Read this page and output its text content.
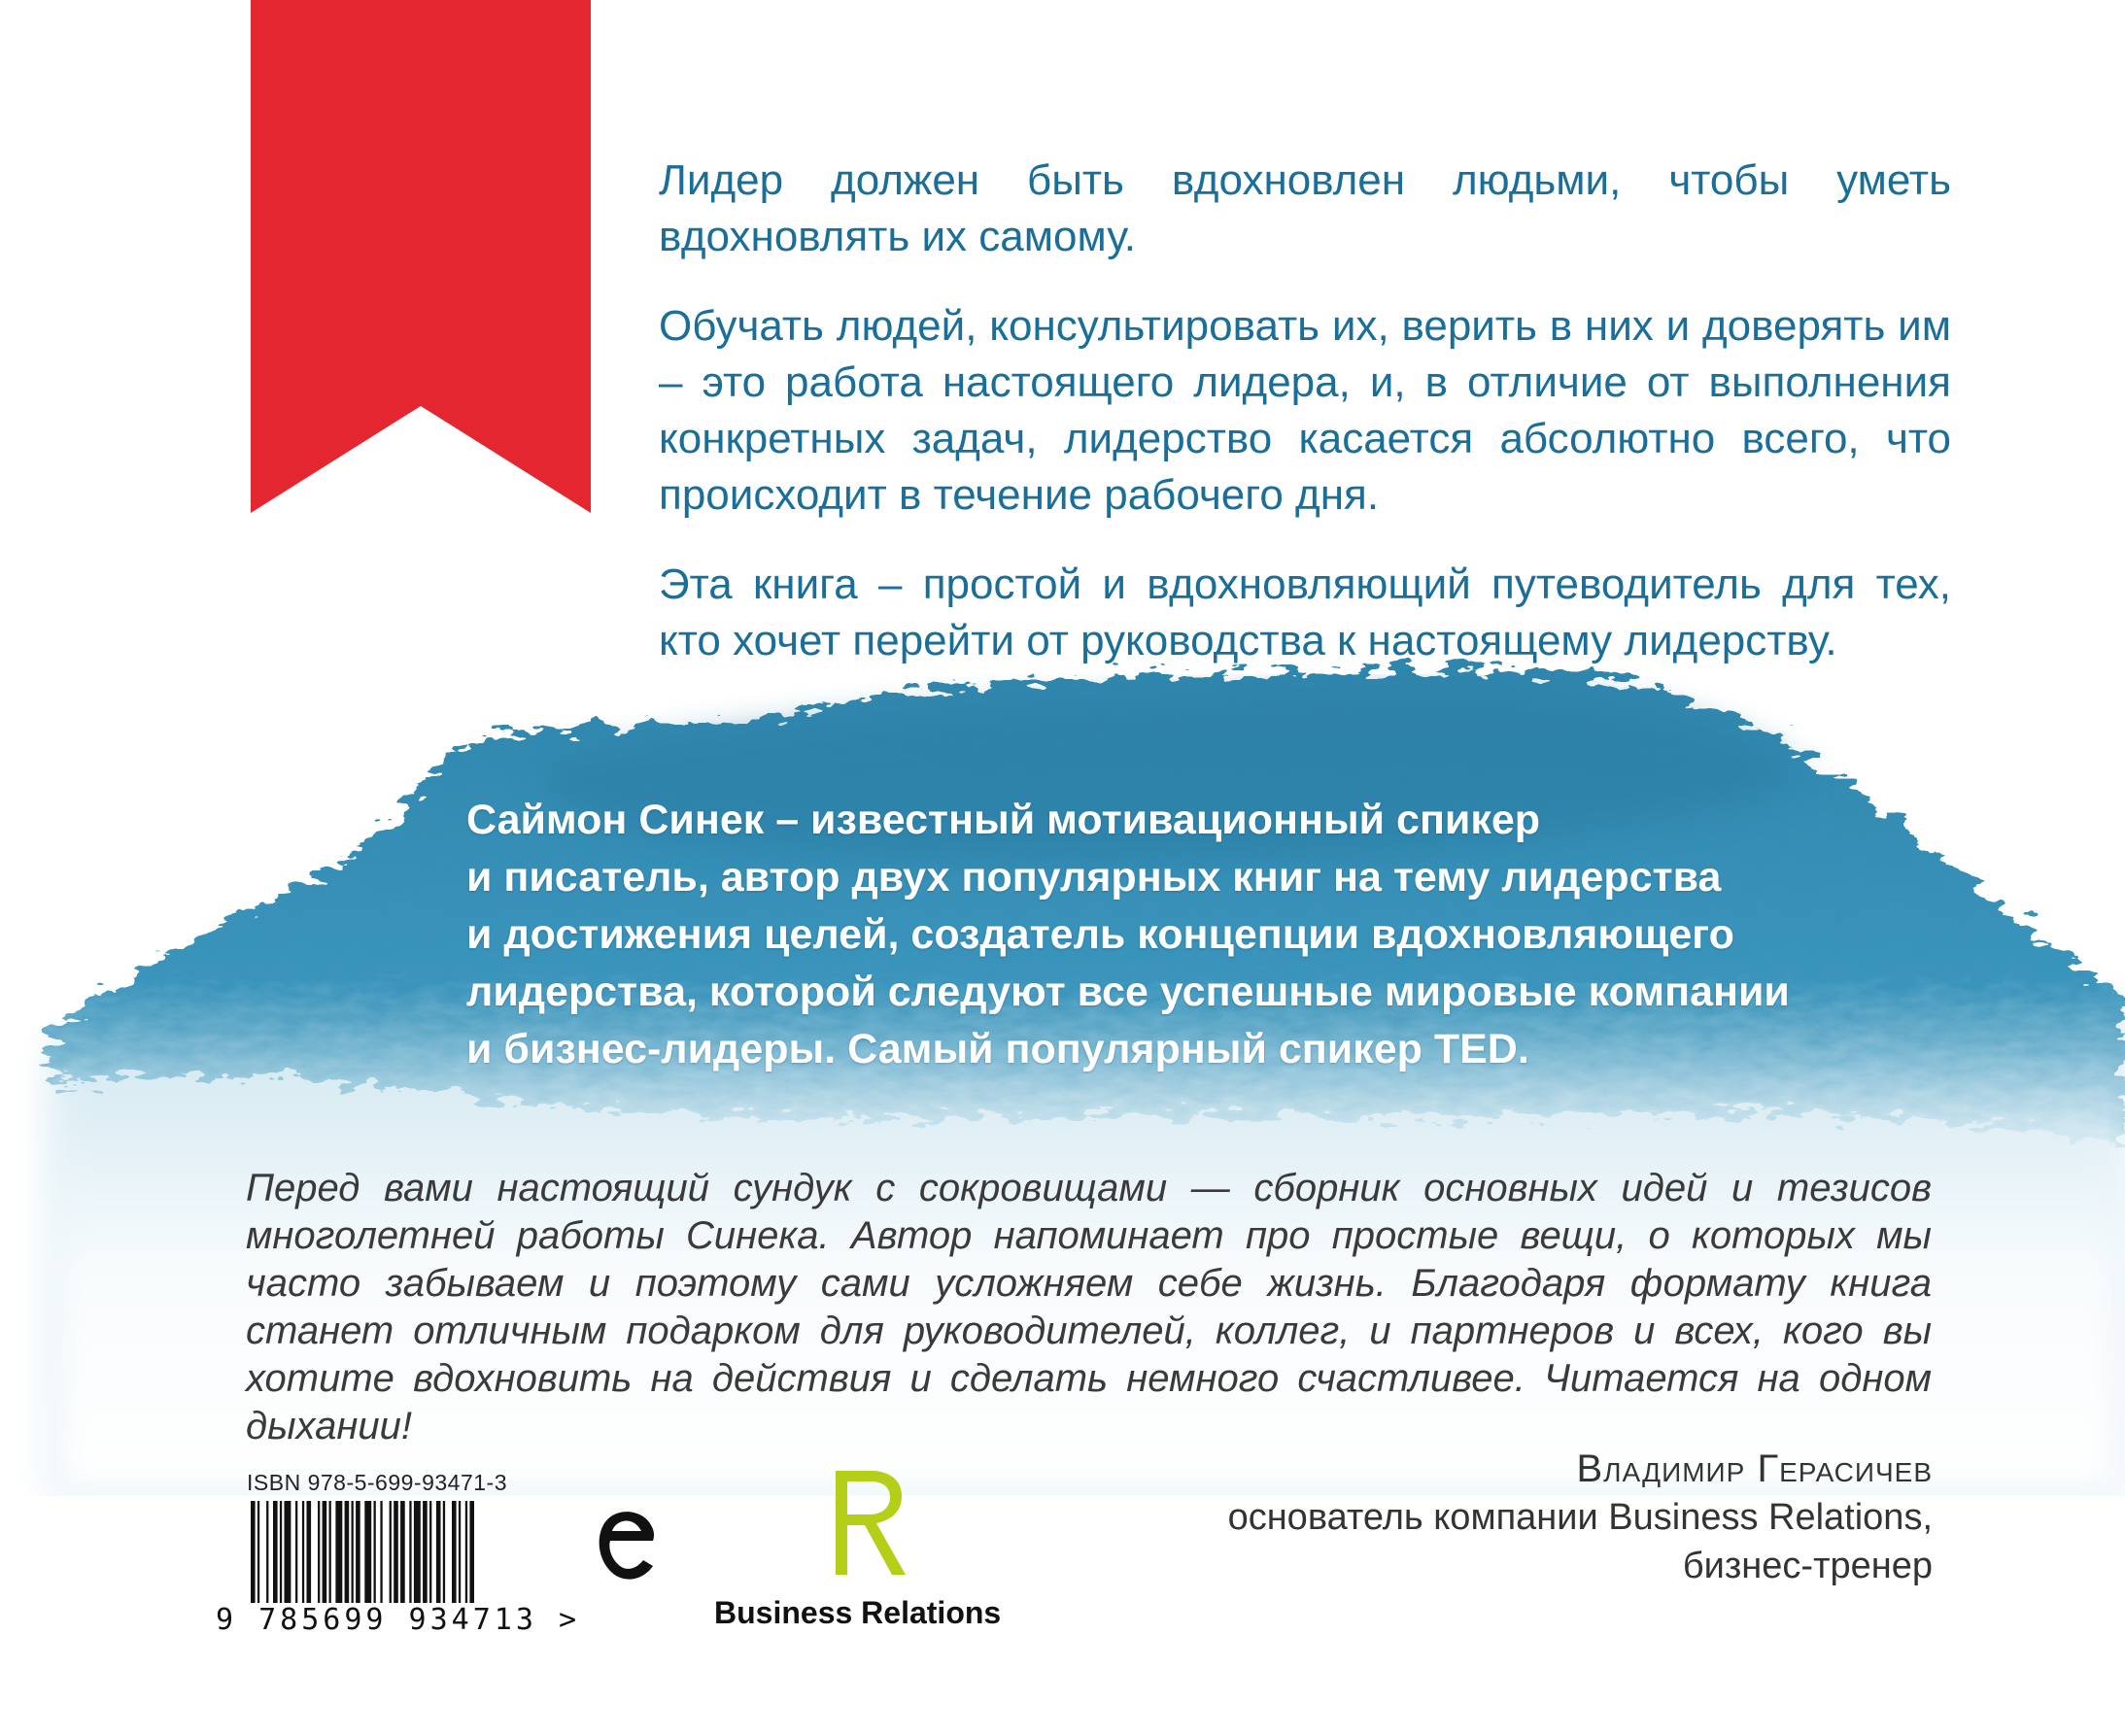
Лидер должен быть вдохновлен людьми, чтобы уметь вдохновлять их самому.

Обучать людей, консультировать их, верить в них и доверять им – это работа настоящего лидера, и, в отличие от выполнения конкретных задач, лидерство касается абсолютно всего, что происходит в течение рабочего дня.

Эта книга – простой и вдохновляющий путеводитель для тех, кто хочет перейти от руководства к настоящему лидерству.

Саймон Синек – известный мотивационный спикер
и писатель, автор двух популярных книг на тему лидерства
и достижения целей, создатель концепции вдохновляющего
лидерства, которой следуют все успешные мировые компании
и бизнес-лидеры. Самый популярный спикер TED.
Перед вами настоящий сундук с сокровищами — сборник основных идей и тезисов многолетней работы Синека. Автор напоминает про простые вещи, о которых мы часто забываем и поэтому сами усложняем себе жизнь. Благодаря формату книга станет отличным подарком для руководителей, коллег, и партнеров и всех, кого вы хотите вдохновить на действия и сделать немного счастливее. Читается на одном дыхании!
Владимир Герасичев
основатель компании Business Relations,
бизнес-тренер
ISBN 978-5-699-93471-3
9 785699 934713 >	Business Relations
